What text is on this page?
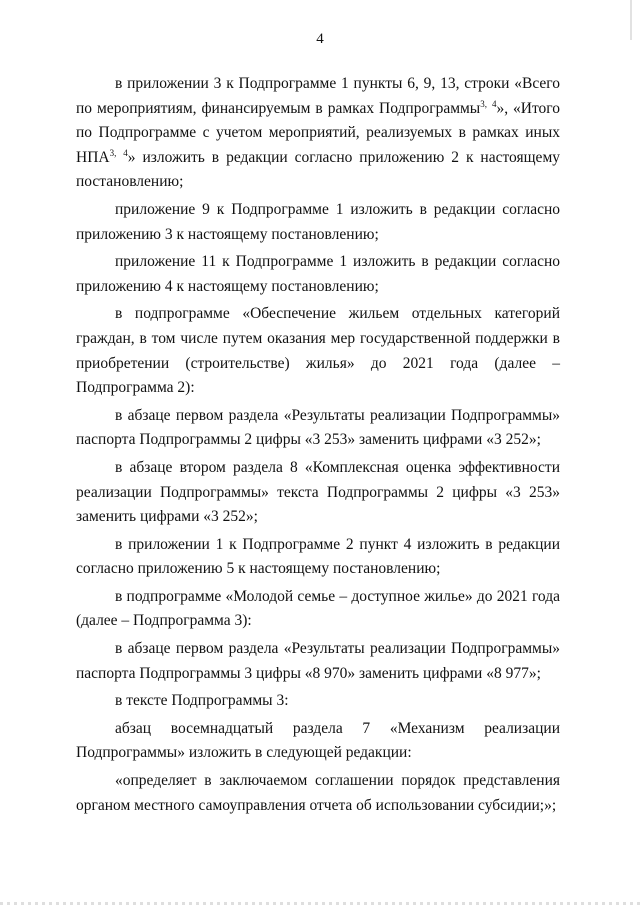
4

в приложении 3 к Подпрограмме 1 пункты 6, 9, 13, строки «Всего по мероприятиям, финансируемым в рамках Подпрограммы$^{3,}$ $^4$», «Итого по Подпрограмме с учетом мероприятий, реализуемых в рамках иных $НПА^{3,}$ $^4$» изложить в редакции согласно приложению 2 к настоящему постановлению;

приложение 9 к Подпрограмме 1 изложить в редакции согласно приложению 3 к настоящему постановлению;

приложение 11 к Подпрограмме 1 изложить в редакции согласно приложению 4 к настоящему постановлению;

в подпрограмме «Обеспечение жильем отдельных категорий граждан, в том числе путем оказания мер государственной поддержки в приобретении (строительстве) жилья» до 2021 года (далее – Подпрограмма 2):

в абзаце первом раздела «Результаты реализации Подпрограммы» паспорта Подпрограммы 2 цифры «3 253» заменить цифрами «3 252»;

в абзаце втором раздела 8 «Комплексная оценка эффективности реализации Подпрограммы» текста Подпрограммы 2 цифры «3 253» заменить цифрами «3 252»;

в приложении 1 к Подпрограмме 2 пункт 4 изложить в редакции согласно приложению 5 к настоящему постановлению;

в подпрограмме «Молодой семье – доступное жилье» до 2021 года (далее – Подпрограмма 3):

в абзаце первом раздела «Результаты реализации Подпрограммы» паспорта Подпрограммы 3 цифры «8 970» заменить цифрами «8 977»;

в тексте Подпрограммы 3:

абзац восемнадцатый раздела 7 «Механизм реализации Подпрограммы» изложить в следующей редакции:

«определяет в заключаемом соглашении порядок представления органом местного самоуправления отчета об использовании субсидии;»;
